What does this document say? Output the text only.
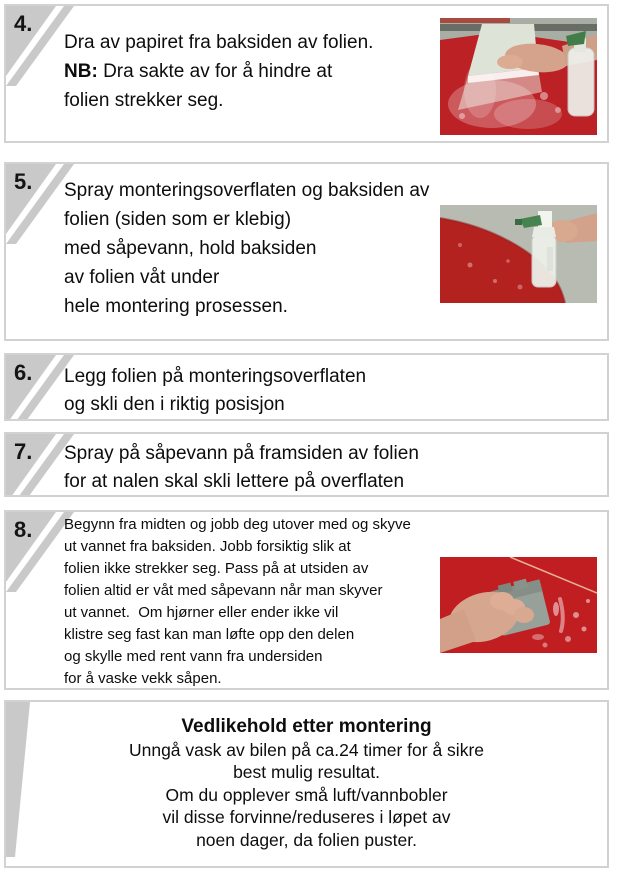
4.

Dra av papiret fra baksiden av folien.

NB: Dra sakte av for å hindre at

folien strekker seg.

5. Spray monteringsoverflaten og baksiden av

folien (siden som er klebig)

med såpevann, hold baksiden

av folien våt under

hele montering prosessen.

6. Legg folien på monteringsoverflaten

og skli den i riktig posisjon

7. Spray på såpevann på framsiden av folien

for at nalen skal skli lettere på overflaten

8. Begynn fra midten og jobb deg utover med og skyve

ut vannet fra baksiden. Jobb forsiktig slik at

folien ikke strekker seg. Pass på at utsiden av

folien altid er våt med såpevann når man skyver

ut vannet.  Om hjørner eller ender ikke vil

klistre seg fast kan man løfte opp den delen

og skylle med rent vann fra undersiden

for å vaske vekk såpen.

Vedlikehold etter montering

Unngå vask av bilen på ca.24 timer for å sikre

best mulig resultat.

Om du opplever små luft/vannbobler

vil disse forvinne/reduseres i løpet av

noen dager, da folien puster.
